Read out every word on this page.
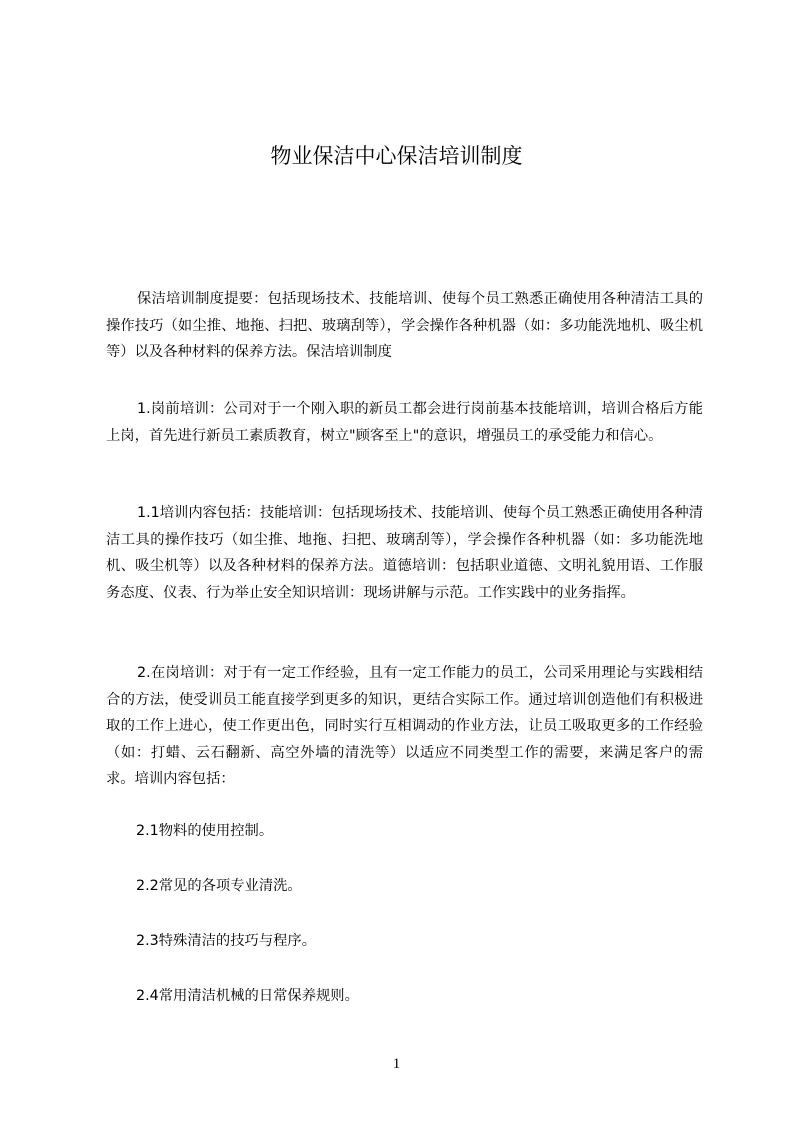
物业保洁中心保洁培训制度
保洁培训制度提要：包括现场技术、技能培训、使每个员工熟悉正确使用各种清洁工具的操作技巧（如尘推、地拖、扫把、玻璃刮等），学会操作各种机器（如：多功能洗地机、吸尘机等）以及各种材料的保养方法。保洁培训制度
1.岗前培训：公司对于一个刚入职的新员工都会进行岗前基本技能培训，培训合格后方能上岗，首先进行新员工素质教育，树立"顾客至上"的意识，增强员工的承受能力和信心。
1.1培训内容包括：技能培训：包括现场技术、技能培训、使每个员工熟悉正确使用各种清洁工具的操作技巧（如尘推、地拖、扫把、玻璃刮等），学会操作各种机器（如：多功能洗地机、吸尘机等）以及各种材料的保养方法。道德培训：包括职业道德、文明礼貌用语、工作服务态度、仪表、行为举止安全知识培训：现场讲解与示范。工作实践中的业务指挥。
2.在岗培训：对于有一定工作经验，且有一定工作能力的员工，公司采用理论与实践相结合的方法，使受训员工能直接学到更多的知识，更结合实际工作。通过培训创造他们有积极进取的工作上进心，使工作更出色，同时实行互相调动的作业方法，让员工吸取更多的工作经验（如：打蜡、云石翻新、高空外墙的清洗等）以适应不同类型工作的需要，来满足客户的需求。培训内容包括：
2.1物料的使用控制。
2.2常见的各项专业清洗。
2.3特殊清洁的技巧与程序。
2.4常用清洁机械的日常保养规则。
1
